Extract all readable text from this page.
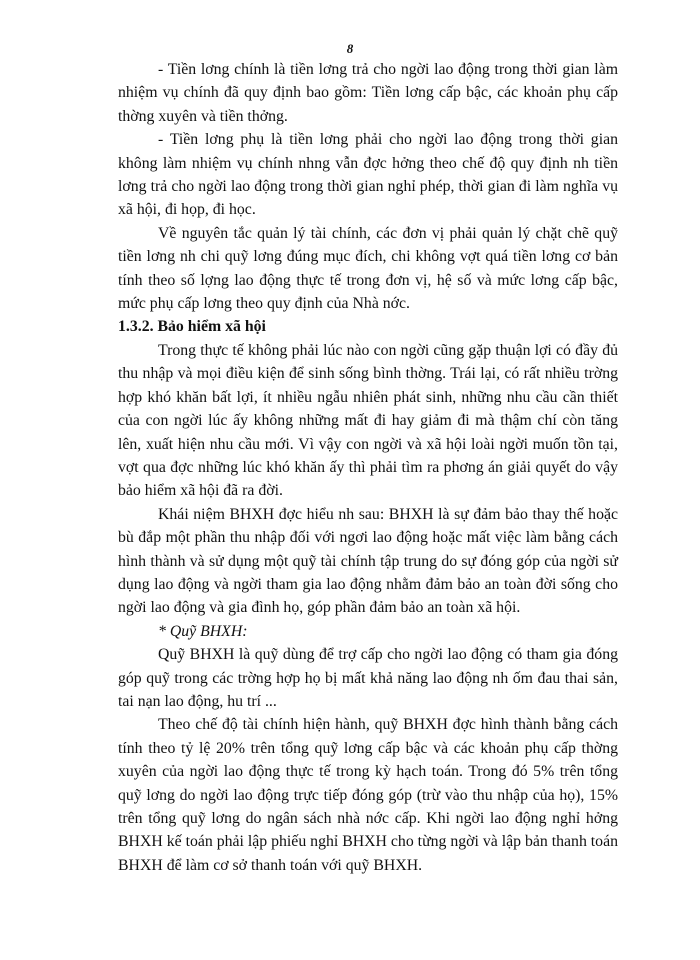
8

- Tiền lơng chính là tiền lơng trả cho ngời lao động trong thời gian làm nhiệm vụ chính đã quy định bao gồm: Tiền lơng cấp bậc, các khoản phụ cấp thờng xuyên và tiền thởng.

- Tiền lơng phụ là tiền lơng phải cho ngời lao động trong thời gian không làm nhiệm vụ chính nhng vẫn đợc hởng theo chế độ quy định nh tiền lơng trả cho ngời lao động trong thời gian nghỉ phép, thời gian đi làm nghĩa vụ xã hội, đi họp, đi học.

Về nguyên tắc quản lý tài chính, các đơn vị phải quản lý chặt chẽ quỹ tiền lơng nh chi quỹ lơng đúng mục đích, chi không vợt quá tiền lơng cơ bản tính theo số lợng lao động thực tế trong đơn vị, hệ số và mức lơng cấp bậc, mức phụ cấp lơng theo quy định của Nhà nớc.

1.3.2. Bảo hiểm xã hội

Trong thực tế không phải lúc nào con ngời cũng gặp thuận lợi có đầy đủ thu nhập và mọi điều kiện để sinh sống bình thờng. Trái lại, có rất nhiều trờng hợp khó khăn bất lợi, ít nhiều ngẫu nhiên phát sinh, những nhu cầu cần thiết của con ngời lúc ấy không những mất đi hay giảm đi mà thậm chí còn tăng lên, xuất hiện nhu cầu mới. Vì vậy con ngời và xã hội loài ngời muốn tồn tại, vợt qua đợc những lúc khó khăn ấy thì phải tìm ra phơng án giải quyết do vậy bảo hiểm xã hội đã ra đời.

Khái niệm BHXH đợc hiểu nh sau: BHXH là sự đảm bảo thay thế hoặc bù đắp một phần thu nhập đối với ngơi lao động hoặc mất việc làm bằng cách hình thành và sử dụng một quỹ tài chính tập trung do sự đóng góp của ngời sử dụng lao động và ngời tham gia lao động nhằm đảm bảo an toàn đời sống cho ngời lao động và gia đình họ, góp phần đảm bảo an toàn xã hội.

* Quỹ BHXH:

Quỹ BHXH là quỹ dùng để trợ cấp cho ngời lao động có tham gia đóng góp quỹ trong các trờng hợp họ bị mất khả năng lao động nh ốm đau thai sản, tai nạn lao động, hu trí ...

Theo chế độ tài chính hiện hành, quỹ BHXH đợc hình thành bằng cách tính theo tỷ lệ 20% trên tổng quỹ lơng cấp bậc và các khoản phụ cấp thờng xuyên của ngời lao động thực tế trong kỳ hạch toán. Trong đó 5% trên tổng quỹ lơng do ngời lao động trực tiếp đóng góp (trừ vào thu nhập của họ), 15% trên tổng quỹ lơng do ngân sách nhà nớc cấp. Khi ngời lao động nghỉ hởng BHXH kế toán phải lập phiếu nghỉ BHXH cho từng ngời và lập bản thanh toán BHXH để làm cơ sở thanh toán với quỹ BHXH.
